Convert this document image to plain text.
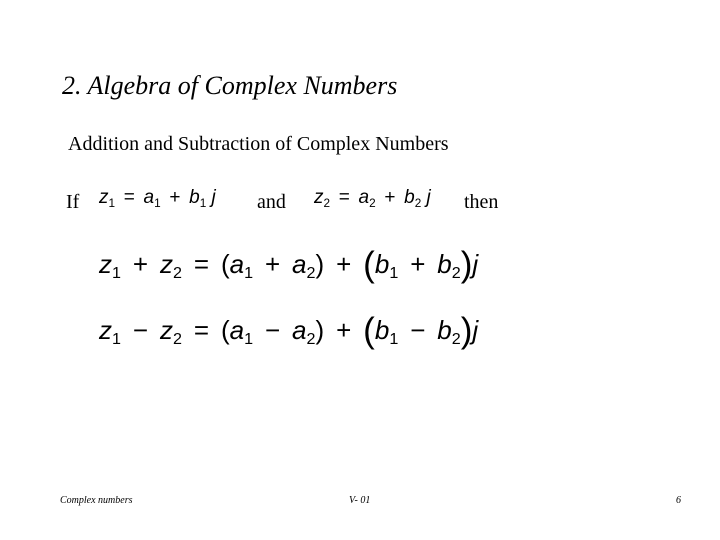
2. Algebra of Complex Numbers
Addition and Subtraction of Complex Numbers
If $z_1 = a_1 + b_1$ j and $z_2 = a_2 + b_2$ j then
$z_1 + z_2 = (a_1 + a_2) + (b_1 + b_2)j$
$z_1 - z_2 = (a_1 - a_2) + (b_1 - b_2)j$
Complex numbers	V- 01	6
